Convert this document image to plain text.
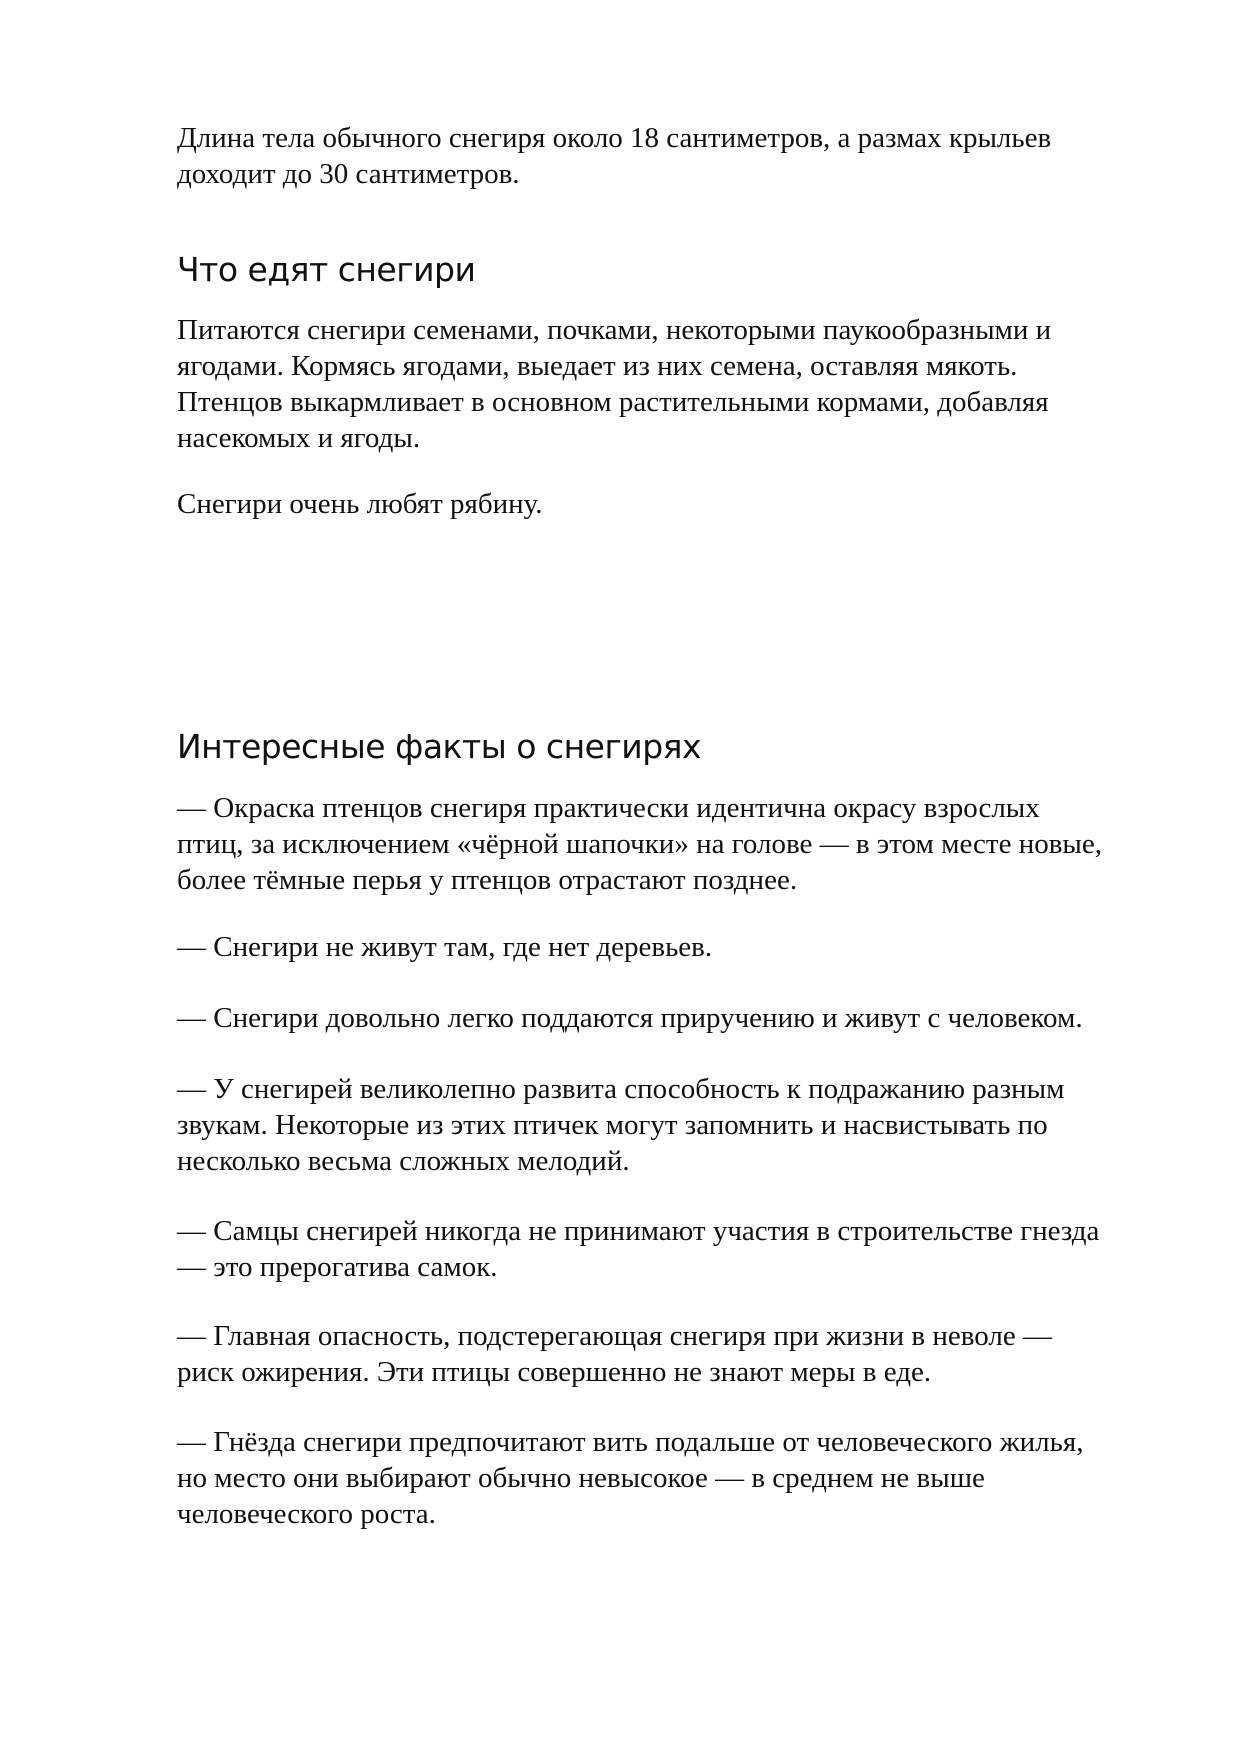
Длина тела обычного снегиря около 18 сантиметров, а размах крыльев
доходит до 30 сантиметров.

Что едят снегири

Питаются снегири семенами, почками, некоторыми паукообразными и
ягодами. Кормясь ягодами, выедает из них семена, оставляя мякоть.
Птенцов выкармливает в основном растительными кормами, добавляя
насекомых и ягоды.

Снегири очень любят рябину.

Интересные факты о снегирях

— Окраска птенцов снегиря практически идентична окрасу взрослых
птиц, за исключением «чёрной шапочки» на голове — в этом месте новые,
более тёмные перья у птенцов отрастают позднее.

— Снегири не живут там, где нет деревьев.

— Снегири довольно легко поддаются приручению и живут с человеком.

— У снегирей великолепно развита способность к подражанию разным
звукам. Некоторые из этих птичек могут запомнить и насвистывать по
несколько весьма сложных мелодий.

— Самцы снегирей никогда не принимают участия в строительстве гнезда
— это прерогатива самок.

— Главная опасность, подстерегающая снегиря при жизни в неволе —
риск ожирения. Эти птицы совершенно не знают меры в еде.

— Гнёзда снегири предпочитают вить подальше от человеческого жилья,
но место они выбирают обычно невысокое — в среднем не выше
человеческого роста.
